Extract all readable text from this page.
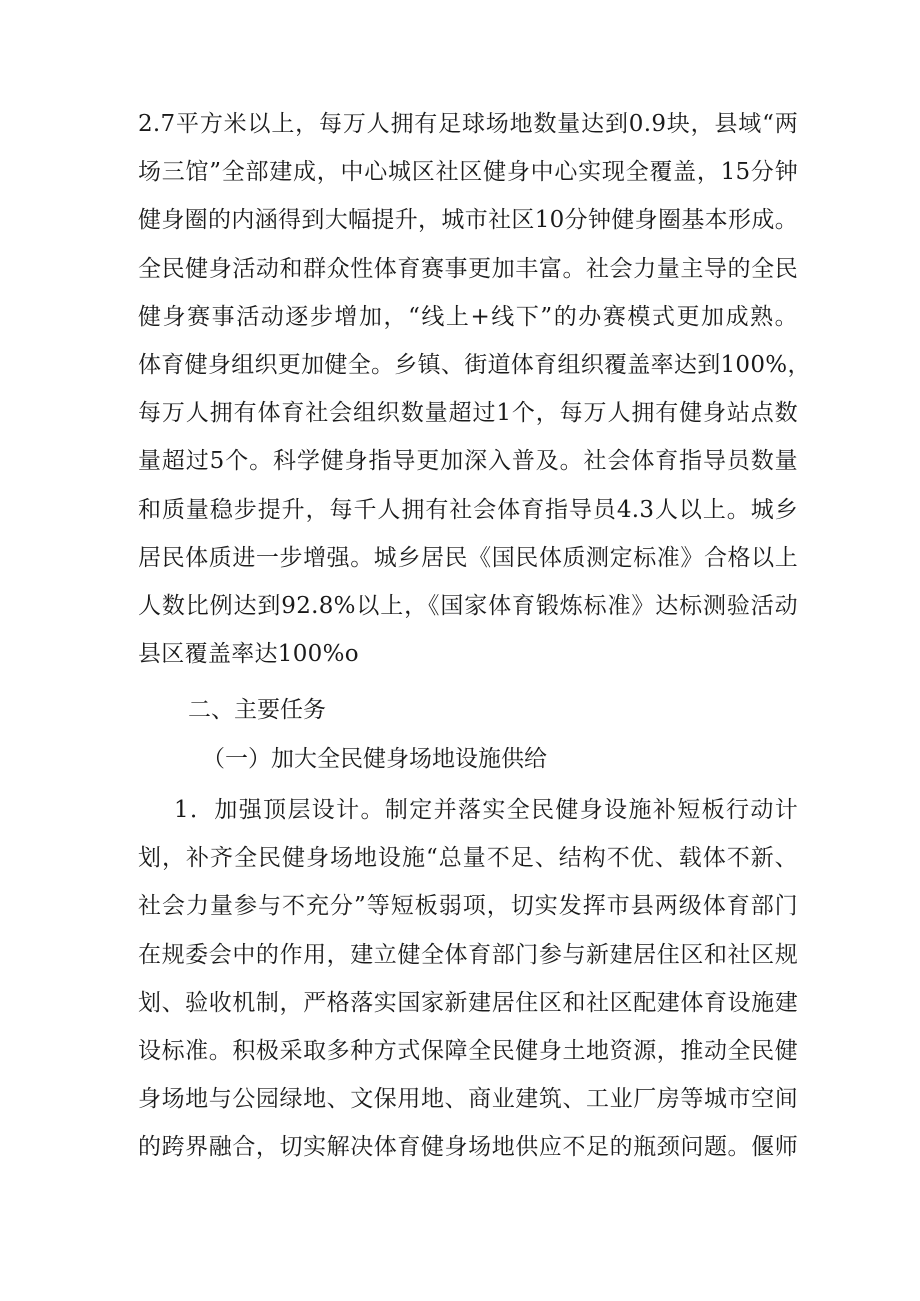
2.7平方米以上，每万人拥有足球场地数量达到0.9块，县域“两
场三馆”全部建成，中心城区社区健身中心实现全覆盖，15分钟
健身圈的内涵得到大幅提升，城市社区10分钟健身圈基本形成。
全民健身活动和群众性体育赛事更加丰富。社会力量主导的全民
健身赛事活动逐步增加，“线上+线下”的办赛模式更加成熟。
体育健身组织更加健全。乡镇、街道体育组织覆盖率达到100%，
每万人拥有体育社会组织数量超过1个，每万人拥有健身站点数
量超过5个。科学健身指导更加深入普及。社会体育指导员数量
和质量稳步提升，每千人拥有社会体育指导员4.3人以上。城乡
居民体质进一步增强。城乡居民《国民体质测定标准》合格以上
人数比例达到92.8%以上，《国家体育锻炼标准》达标测验活动
县区覆盖率达100%o
二、主要任务
（一）加大全民健身场地设施供给
1．加强顶层设计。制定并落实全民健身设施补短板行动计
划，补齐全民健身场地设施“总量不足、结构不优、载体不新、
社会力量参与不充分”等短板弱项，切实发挥市县两级体育部门
在规委会中的作用，建立健全体育部门参与新建居住区和社区规
划、验收机制，严格落实国家新建居住区和社区配建体育设施建
设标准。积极采取多种方式保障全民健身土地资源，推动全民健
身场地与公园绿地、文保用地、商业建筑、工业厂房等城市空间
的跨界融合，切实解决体育健身场地供应不足的瓶颈问题。偃师
